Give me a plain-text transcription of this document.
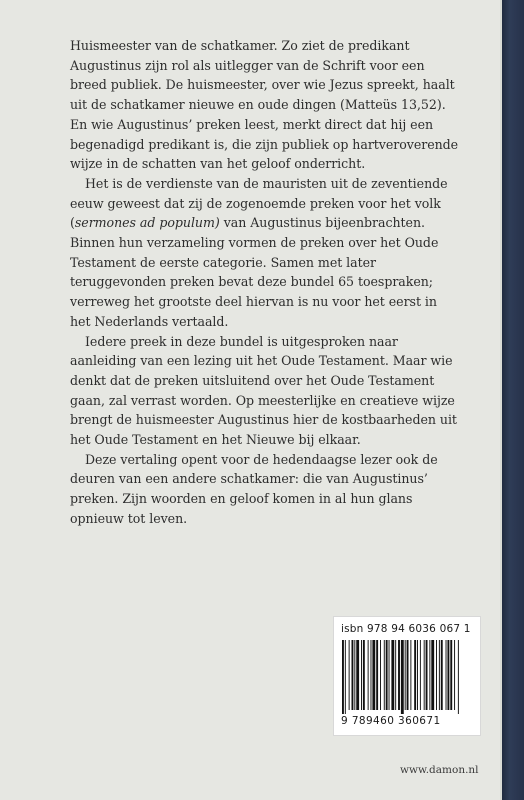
Huismeester van de schatkamer. Zo ziet de predikant Augustinus zijn rol als uitlegger van de Schrift voor een breed publiek. De huismeester, over wie Jezus spreekt, haalt uit de schatkamer nieuwe en oude dingen (Matteüs 13,52). En wie Augustinus’ preken leest, merkt direct dat hij een begenadigd predikant is, die zijn publiek op hartveroverende wijze in de schatten van het geloof onderricht.

Het is de verdienste van de mauristen uit de zeventiende eeuw geweest dat zij de zogenoemde preken voor het volk (sermones ad populum) van Augustinus bijeenbrachten. Binnen hun verzameling vormen de preken over het Oude Testament de eerste categorie. Samen met later teruggevonden preken bevat deze bundel 65 toespraken; verreweg het grootste deel hiervan is nu voor het eerst in het Nederlands vertaald.

Iedere preek in deze bundel is uitgesproken naar aanleiding van een lezing uit het Oude Testament. Maar wie denkt dat de preken uitsluitend over het Oude Testament gaan, zal verrast worden. Op meesterlijke en creatieve wijze brengt de huismeester Augustinus hier de kostbaarheden uit het Oude Testament en het Nieuwe bij elkaar.

Deze vertaling opent voor de hedendaagse lezer ook de deuren van een andere schatkamer: die van Augustinus’ preken. Zijn woorden en geloof komen in al hun glans opnieuw tot leven.

isbn 978 94 6036 067 1
9 789460 360671
www.damon.nl
